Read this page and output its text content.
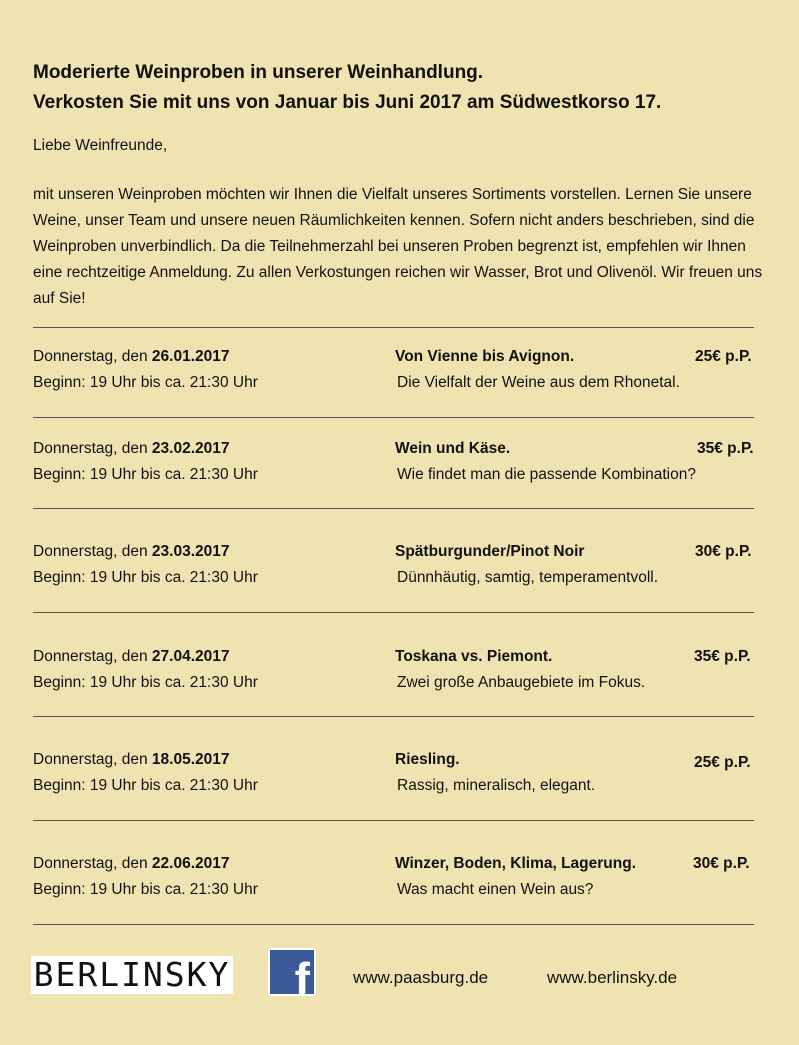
Moderierte Weinproben in unserer Weinhandlung.
Verkosten Sie mit uns von Januar bis Juni 2017 am Südwestkorso 17.

Liebe Weinfreunde,

mit unseren Weinproben möchten wir Ihnen die Vielfalt unseres Sortiments vorstellen. Lernen Sie unsere Weine, unser Team und unsere neuen Räumlichkeiten kennen. Sofern nicht anders beschrieben, sind die Weinproben unverbindlich. Da die Teilnehmerzahl bei unseren Proben begrenzt ist, empfehlen wir Ihnen eine rechtzeitige Anmeldung. Zu allen Verkostungen reichen wir Wasser, Brot und Olivenöl. Wir freuen uns auf Sie!

Donnerstag, den 26.01.2017
Beginn: 19 Uhr bis ca. 21:30 Uhr
Von Vienne bis Avignon.
Die Vielfalt der Weine aus dem Rhonetal.
25€ p.P.
Donnerstag, den 23.02.2017
Beginn: 19 Uhr bis ca. 21:30 Uhr
Wein und Käse.
Wie findet man die passende Kombination?
35€ p.P.
Donnerstag, den 23.03.2017
Beginn: 19 Uhr bis ca. 21:30 Uhr
Spätburgunder/Pinot Noir
Dünnhäutig, samtig, temperamentvoll.
30€ p.P.
Donnerstag, den 27.04.2017
Beginn: 19 Uhr bis ca. 21:30 Uhr
Toskana vs. Piemont.
Zwei große Anbaugebiete im Fokus.
35€ p.P.
Donnerstag, den 18.05.2017
Beginn: 19 Uhr bis ca. 21:30 Uhr
Riesling.
Rassig, mineralisch, elegant.
25€ p.P.
Donnerstag, den 22.06.2017
Beginn: 19 Uhr bis ca. 21:30 Uhr
Winzer, Boden, Klima, Lagerung.
Was macht einen Wein aus?
30€ p.P.
BERLINSKY f	www.paasburg.de	www.berlinsky.de
